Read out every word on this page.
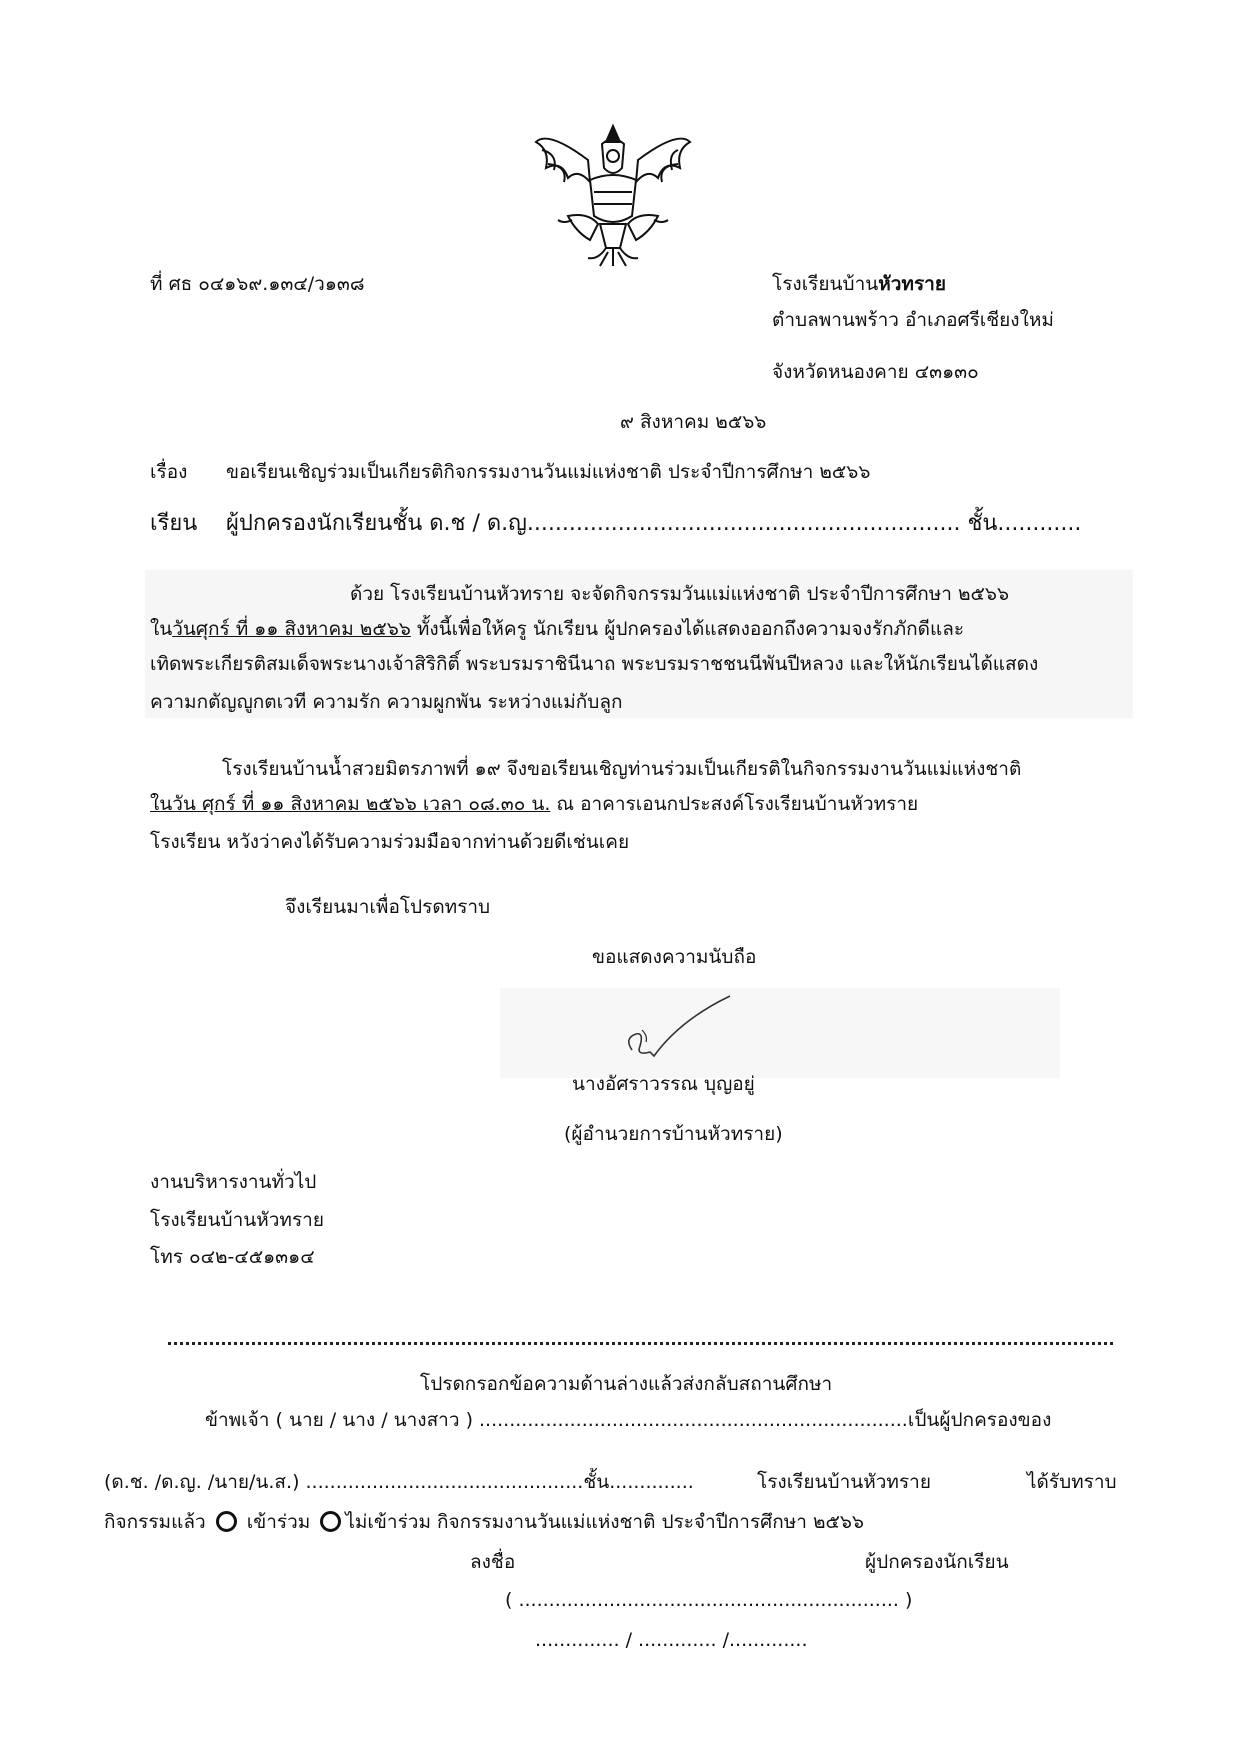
ที่ ศธ ๐๔๑๖๙.๑๓๔/ว๑๓๘	โรงเรียนบ้านหัวทราย
ตำบลพานพร้าว อำเภอศรีเชียงใหม่
จังหวัดหนองคาย ๔๓๑๓๐
๙ สิงหาคม ๒๕๖๖
เรื่อง ขอเรียนเชิญร่วมเป็นเกียรติกิจกรรมงานวันแม่แห่งชาติ ประจำปีการศึกษา ๒๕๖๖
เรียน ผู้ปกครองนักเรียนชั้น ด.ช / ด.ญ.............................................................. ชั้น............
ด้วย โรงเรียนบ้านหัวทราย จะจัดกิจกรรมวันแม่แห่งชาติ ประจำปีการศึกษา ๒๕๖๖
ในวันศุกร์ ที่ ๑๑ สิงหาคม ๒๕๖๖ ทั้งนี้เพื่อให้ครู นักเรียน ผู้ปกครองได้แสดงออกถึงความจงรักภักดีและ
เทิดพระเกียรติสมเด็จพระนางเจ้าสิริกิติ์ พระบรมราชินีนาถ พระบรมราชชนนีพันปีหลวง และให้นักเรียนได้แสดง
ความกตัญญูกตเวที ความรัก ความผูกพัน ระหว่างแม่กับลูก
โรงเรียนบ้านน้ำสวยมิตรภาพที่ ๑๙ จึงขอเรียนเชิญท่านร่วมเป็นเกียรติในกิจกรรมงานวันแม่แห่งชาติ
ในวัน ศุกร์ ที่ ๑๑ สิงหาคม ๒๕๖๖ เวลา ๐๘.๓๐ น. ณ อาคารเอนกประสงค์โรงเรียนบ้านหัวทราย
โรงเรียน หวังว่าคงได้รับความร่วมมือจากท่านด้วยดีเช่นเคย
จึงเรียนมาเพื่อโปรดทราบ
ขอแสดงความนับถือ
นางอัศราวรรณ บุญอยู่
(ผู้อำนวยการบ้านหัวทราย)
งานบริหารงานทั่วไป
โรงเรียนบ้านหัวทราย
โทร ๐๔๒-๔๕๑๓๑๔
โปรดกรอกข้อความด้านล่างแล้วส่งกลับสถานศึกษา
ข้าพเจ้า ( นาย / นาง / นางสาว ) .......................................................................เป็นผู้ปกครองของ
(ด.ช. /ด.ญ. /นาย/น.ส.) ..............................................ชั้น..............	โรงเรียนบ้านหัวทราย	ได้รับทราบ
กิจกรรมแล้ว เข้าร่วม ไม่เข้าร่วม กิจกรรมงานวันแม่แห่งชาติ ประจำปีการศึกษา ๒๕๖๖
ลงชื่อ	ผู้ปกครองนักเรียน
( ............................................................... )
.............. / ............. /.............
